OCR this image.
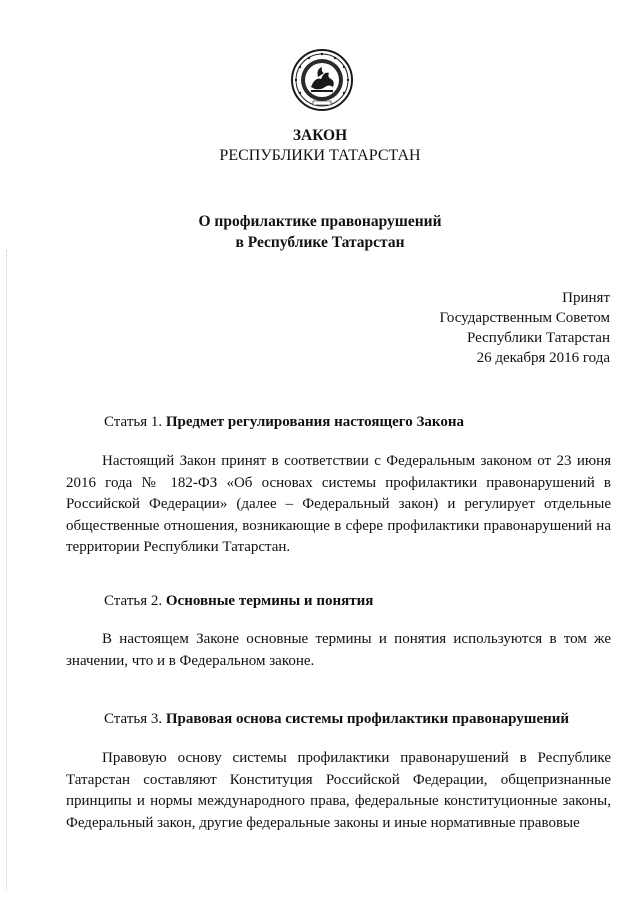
ЗАКОН
РЕСПУБЛИКИ ТАТАРСТАН
О профилактике правонарушений
в Республике Татарстан
Принят
Государственным Советом
Республики Татарстан
26 декабря 2016 года
Статья 1. Предмет регулирования настоящего Закона
Настоящий Закон принят в соответствии с Федеральным законом от 23 июня 2016 года № 182-ФЗ «Об основах системы профилактики правонарушений в Российской Федерации» (далее – Федеральный закон) и регулирует отдельные общественные отношения, возникающие в сфере профилактики правонарушений на территории Республики Татарстан.
Статья 2. Основные термины и понятия
В настоящем Законе основные термины и понятия используются в том же значении, что и в Федеральном законе.
Статья 3. Правовая основа системы профилактики правонарушений
Правовую основу системы профилактики правонарушений в Республике Татарстан составляют Конституция Российской Федерации, общепризнанные принципы и нормы международного права, федеральные конституционные законы, Федеральный закон, другие федеральные законы и иные нормативные правовые
